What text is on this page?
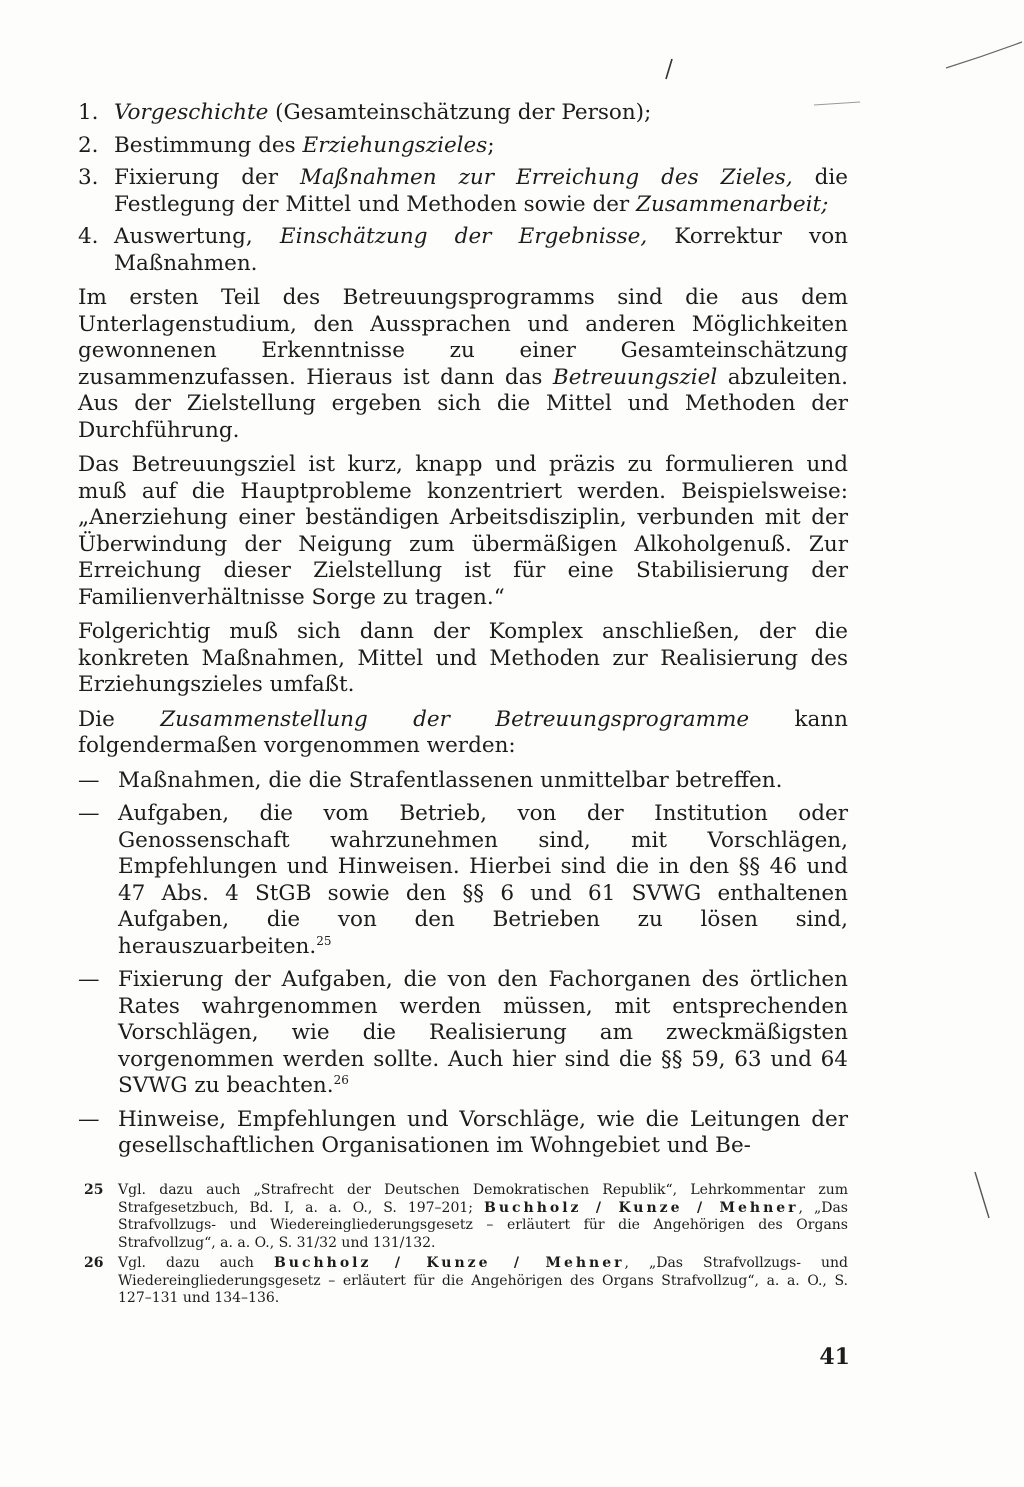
1. Vorgeschichte (Gesamteinschätzung der Person);
2. Bestimmung des Erziehungszieles;
3. Fixierung der Maßnahmen zur Erreichung des Zieles, die Festlegung der Mittel und Methoden sowie der Zusammenarbeit;
4. Auswertung, Einschätzung der Ergebnisse, Korrektur von Maßnahmen.

Im ersten Teil des Betreuungsprogramms sind die aus dem Unterlagenstudium, den Aussprachen und anderen Möglichkeiten gewonnenen Erkenntnisse zu einer Gesamteinschätzung zusammenzufassen. Hieraus ist dann das Betreuungsziel abzuleiten. Aus der Zielstellung ergeben sich die Mittel und Methoden der Durchführung.

Das Betreuungsziel ist kurz, knapp und präzis zu formulieren und muß auf die Hauptprobleme konzentriert werden. Beispielsweise: „Anerziehung einer beständigen Arbeitsdisziplin, verbunden mit der Überwindung der Neigung zum übermäßigen Alkoholgenuß. Zur Erreichung dieser Zielstellung ist für eine Stabilisierung der Familienverhältnisse Sorge zu tragen.“

Folgerichtig muß sich dann der Komplex anschließen, der die konkreten Maßnahmen, Mittel und Methoden zur Realisierung des Erziehungszieles umfaßt.

Die Zusammenstellung der Betreuungsprogramme kann folgendermaßen vorgenommen werden:

— Maßnahmen, die die Strafentlassenen unmittelbar betreffen.
— Aufgaben, die vom Betrieb, von der Institution oder Genossenschaft wahrzunehmen sind, mit Vorschlägen, Empfehlungen und Hinweisen. Hierbei sind die in den §§ 46 und 47 Abs. 4 StGB sowie den §§ 6 und 61 SVWG enthaltenen Aufgaben, die von den Betrieben zu lösen sind, herauszuarbeiten.$^{25}$
— Fixierung der Aufgaben, die von den Fachorganen des örtlichen Rates wahrgenommen werden müssen, mit entsprechenden Vorschlägen, wie die Realisierung am zweckmäßigsten vorgenommen werden sollte. Auch hier sind die §§ 59, 63 und 64 SVWG zu beachten.$^{26}$
— Hinweise, Empfehlungen und Vorschläge, wie die Leitungen der gesellschaftlichen Organisationen im Wohngebiet und Be-
25	Vgl. dazu auch „Strafrecht der Deutschen Demokratischen Republik“, Lehrkommentar zum Strafgesetzbuch, Bd. I, a. a. O., S. 197–201; Buchholz / Kunze / Mehner, „Das Strafvollzugs- und Wiedereingliederungsgesetz – erläutert für die Angehörigen des Organs Strafvollzug“, a. a. O., S. 31/32 und 131/132.
26	Vgl. dazu auch Buchholz / Kunze / Mehner, „Das Strafvollzugs- und Wiedereingliederungsgesetz – erläutert für die Angehörigen des Organs Strafvollzug“, a. a. O., S. 127–131 und 134–136.
41
